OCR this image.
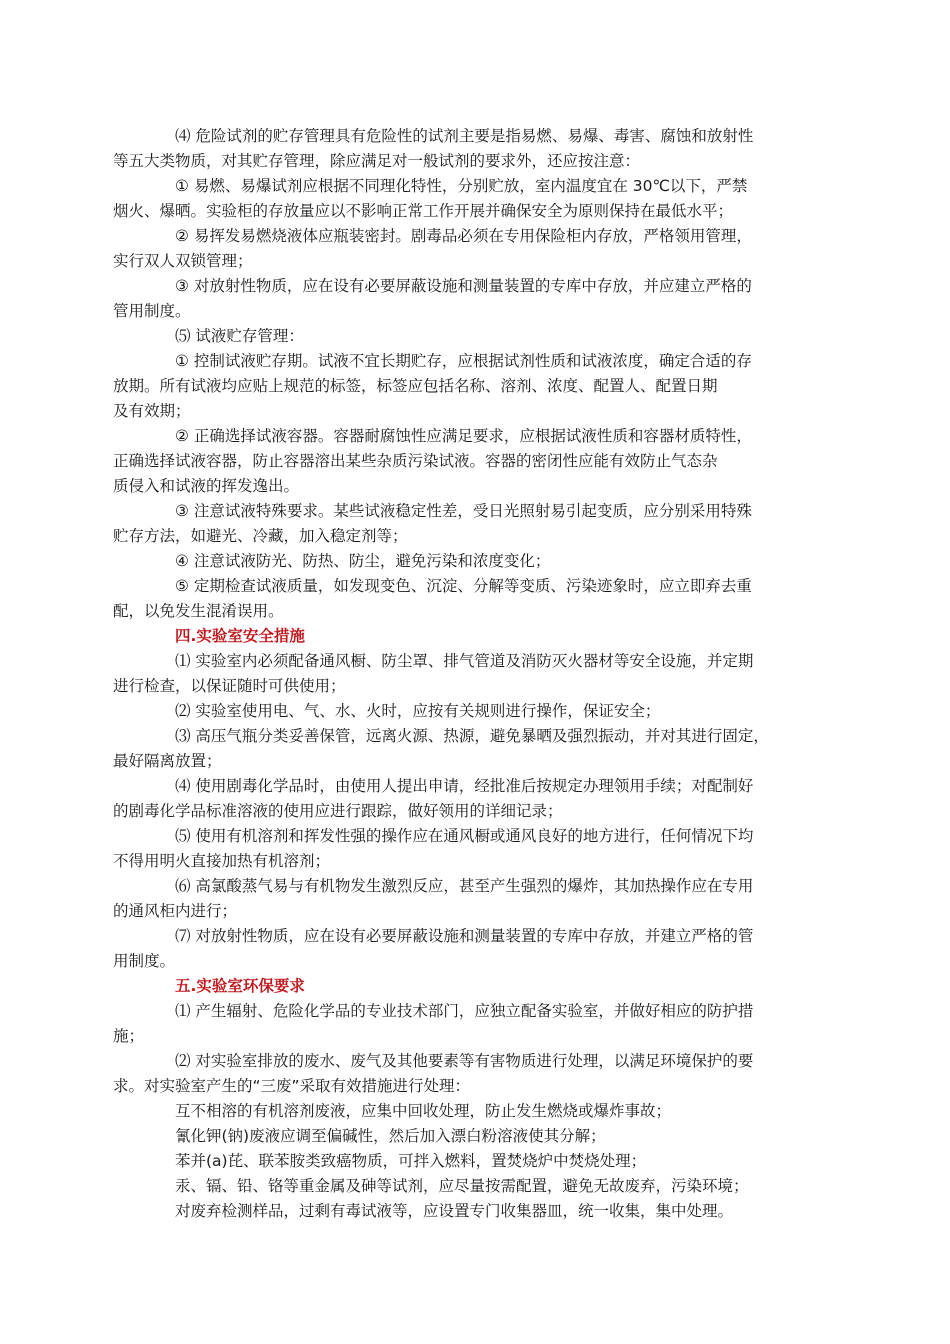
⑷ 危险试剂的贮存管理具有危险性的试剂主要是指易燃、易爆、毒害、腐蚀和放射性
等五大类物质，对其贮存管理，除应满足对一般试剂的要求外，还应按注意：
① 易燃、易爆试剂应根据不同理化特性，分别贮放，室内温度宜在 30℃以下，严禁
烟火、爆晒。实验柜的存放量应以不影响正常工作开展并确保安全为原则保持在最低水平；
② 易挥发易燃烧液体应瓶装密封。剧毒品必须在专用保险柜内存放，严格领用管理，
实行双人双锁管理；
③ 对放射性物质，应在设有必要屏蔽设施和测量装置的专库中存放，并应建立严格的
管用制度。
⑸ 试液贮存管理：
① 控制试液贮存期。试液不宜长期贮存，应根据试剂性质和试液浓度，确定合适的存
放期。所有试液均应贴上规范的标签，标签应包括名称、溶剂、浓度、配置人、配置日期
及有效期；
② 正确选择试液容器。容器耐腐蚀性应满足要求，应根据试液性质和容器材质特性，
正确选择试液容器，防止容器溶出某些杂质污染试液。容器的密闭性应能有效防止气态杂
质侵入和试液的挥发逸出。
③ 注意试液特殊要求。某些试液稳定性差，受日光照射易引起变质，应分别采用特殊
贮存方法，如避光、冷藏，加入稳定剂等；
④ 注意试液防光、防热、防尘，避免污染和浓度变化；
⑤ 定期检查试液质量，如发现变色、沉淀、分解等变质、污染迹象时，应立即弃去重
配，以免发生混淆误用。
四.实验室安全措施
⑴ 实验室内必须配备通风橱、防尘罩、排气管道及消防灭火器材等安全设施，并定期
进行检查，以保证随时可供使用；
⑵ 实验室使用电、气、水、火时，应按有关规则进行操作，保证安全；
⑶ 高压气瓶分类妥善保管，远离火源、热源，避免暴晒及强烈振动，并对其进行固定，
最好隔离放置；
⑷ 使用剧毒化学品时，由使用人提出申请，经批准后按规定办理领用手续；对配制好
的剧毒化学品标准溶液的使用应进行跟踪，做好领用的详细记录；
⑸ 使用有机溶剂和挥发性强的操作应在通风橱或通风良好的地方进行，任何情况下均
不得用明火直接加热有机溶剂；
⑹ 高氯酸蒸气易与有机物发生激烈反应，甚至产生强烈的爆炸，其加热操作应在专用
的通风柜内进行；
⑺ 对放射性物质，应在设有必要屏蔽设施和测量装置的专库中存放，并建立严格的管
用制度。
五.实验室环保要求
⑴ 产生辐射、危险化学品的专业技术部门，应独立配备实验室，并做好相应的防护措
施；
⑵ 对实验室排放的废水、废气及其他要素等有害物质进行处理，以满足环境保护的要
求。对实验室产生的“三废”采取有效措施进行处理：
互不相溶的有机溶剂废液，应集中回收处理，防止发生燃烧或爆炸事故；
氰化钾(钠)废液应调至偏碱性，然后加入漂白粉溶液使其分解；
苯并(a)芘、联苯胺类致癌物质，可拌入燃料，置焚烧炉中焚烧处理；
汞、镉、铅、铬等重金属及砷等试剂，应尽量按需配置，避免无故废弃，污染环境；
对废弃检测样品，过剩有毒试液等，应设置专门收集器皿，统一收集，集中处理。
